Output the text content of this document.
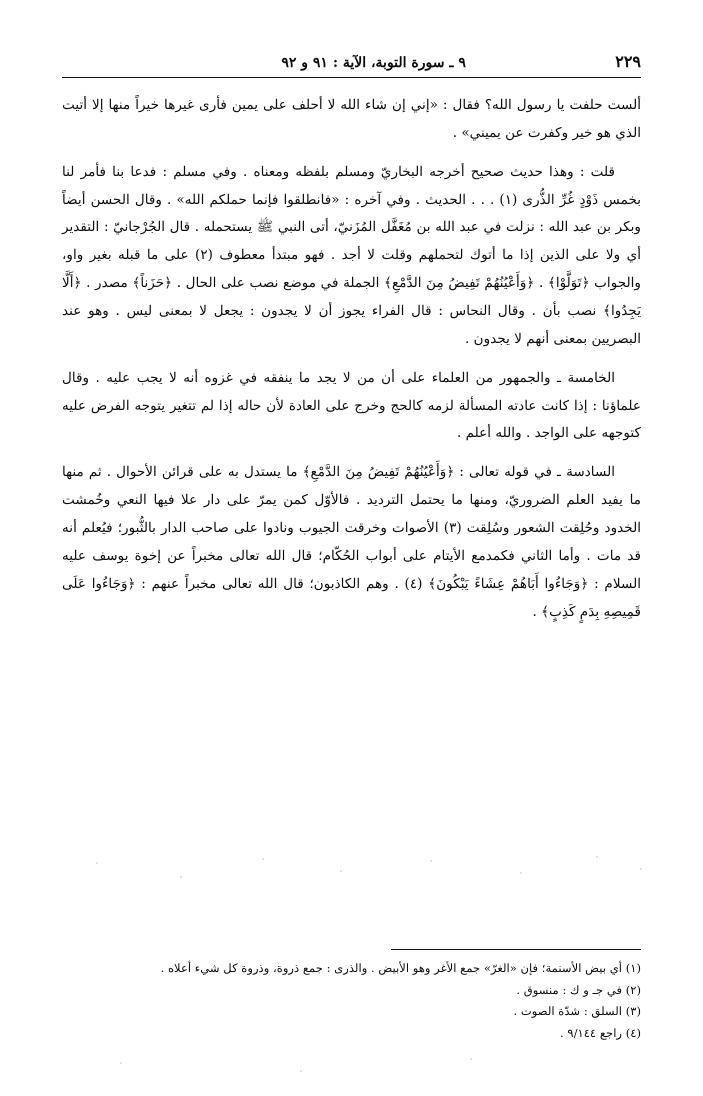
٢٢٩
٩ ـ سورة التوبة، الآية : ٩١ و ٩٢

ألست حلفت يا رسول الله؟ فقال : «إني إن شاء الله لا أحلف على يمين فأرى غيرها خيراً منها إلا أتيت الذي هو خير وكفرت عن يميني» .

قلت : وهذا حديث صحيح أخرجه البخاريّ ومسلم بلفظه ومعناه . وفي مسلم : فدعا بنا فأمر لنا بخمس ذَوْدٍ غُرِّ الذُّرى (١) . . . الحديث . وفي آخره : «فانطلقوا فإنما حملكم الله» . وقال الحسن أيضاً وبكر بن عبد الله : نزلت في عبد الله بن مُغَفَّل المُزَنيّ، أتى النبي ﷺ يستحمله . قال الجُرْجانيّ : التقدير أي ولا على الذين إذا ما أتوك لتحملهم وقلت لا أجد . فهو مبتدأ معطوف (٢) على ما قبله بغير واو، والجواب ﴿تَوَلَّوْا﴾ . ﴿وَأَعْيُنُهُمْ تَفِيضُ مِنَ الدَّمْعِ﴾ الجملة في موضع نصب على الحال . ﴿حَزَناً﴾ مصدر . ﴿أَلَّا يَجِدُوا﴾ نصب بأن . وقال النحاس : قال الفراء يجوز أن لا يجدون : يجعل لا بمعنى ليس . وهو عند البصريين بمعنى أنهم لا يجدون .

الخامسة ـ والجمهور من العلماء على أن من لا يجد ما ينفقه في غزوه أنه لا يجب عليه . وقال علماؤنا : إذا كانت عادته المسألة لزمه كالحج وخرج على العادة لأن حاله إذا لم تتغير يتوجه الفرض عليه كتوجهه على الواجد . والله أعلم .

السادسة ـ في قوله تعالى : ﴿وَأَعْيُنُهُمْ تَفِيضُ مِنَ الدَّمْعِ﴾ ما يستدل به على قرائن الأحوال . ثم منها ما يفيد العلم الضروريّ، ومنها ما يحتمل الترديد . فالأوّل كمن يمرّ على دار علا فيها النعي وخُمشت الخدود وحُلِقت الشعور وسُلِقت (٣) الأصوات وخرقت الجيوب ونادوا على صاحب الدار بالثُّبور؛ فيُعلم أنه قد مات . وأما الثاني فكمدمع الأيتام على أبواب الحُكّام؛ قال الله تعالى مخبراً عن إخوة يوسف عليه السلام : ﴿وَجَاءُوا أَبَاهُمْ عِشَاءً يَبْكُونَ﴾ (٤) . وهم الكاذبون؛ قال الله تعالى مخبراً عنهم : ﴿وَجَاءُوا عَلَى قَمِيصِهِ بِدَمٍ كَذِبٍ﴾ .

(١) أي بيض الأسنمة؛ فإن «الغرّ» جمع الأغر وهو الأبيض . والذرى : جمع ذروة، وذروة كل شيء أعلاه .

(٢) في جـ و ك : منسوق .

(٣) السلق : شدّة الصوت .

(٤) راجع ٩/١٤٤ .
